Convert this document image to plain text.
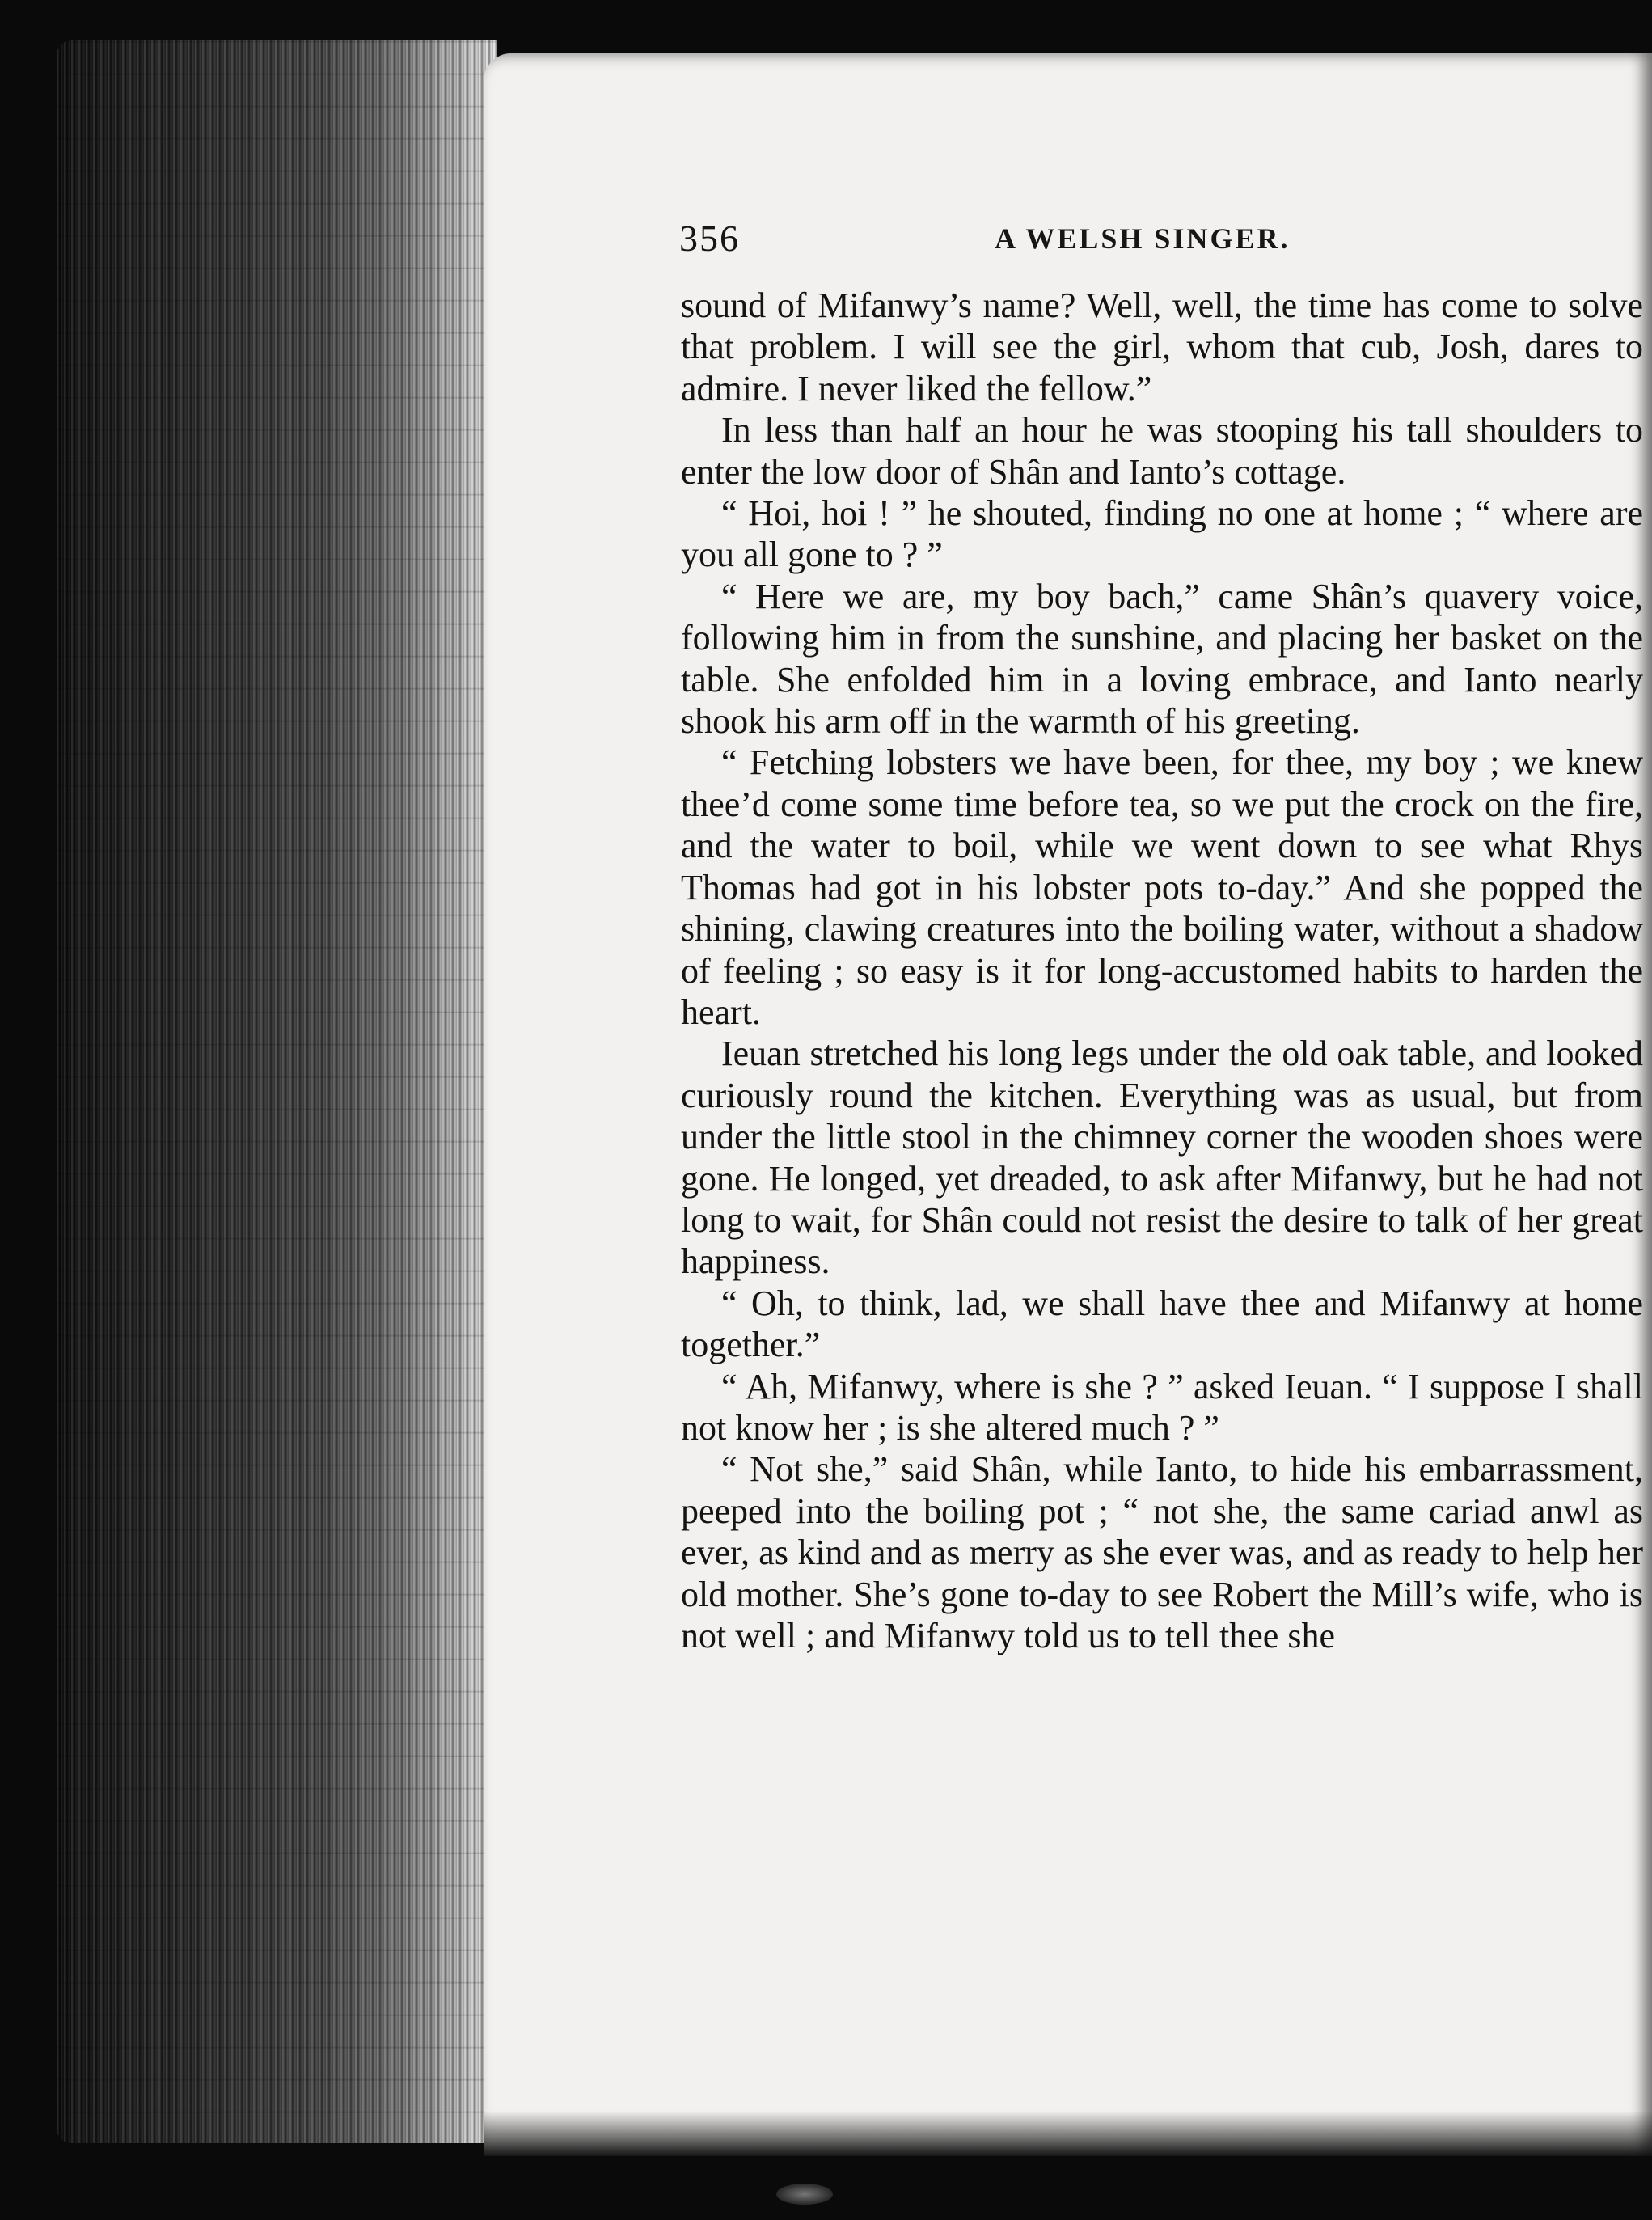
356	A WELSH SINGER.

sound of Mifanwy’s name? Well, well, the time has come to solve that problem. I will see the girl, whom that cub, Josh, dares to admire. I never liked the fellow.”

In less than half an hour he was stooping his tall shoulders to enter the low door of Shân and Ianto’s cottage.

“ Hoi, hoi ! ” he shouted, finding no one at home ; “ where are you all gone to ? ”

“ Here we are, my boy bach,” came Shân’s quavery voice, following him in from the sunshine, and placing her basket on the table. She enfolded him in a loving embrace, and Ianto nearly shook his arm off in the warmth of his greeting.

“ Fetching lobsters we have been, for thee, my boy ; we knew thee’d come some time before tea, so we put the crock on the fire, and the water to boil, while we went down to see what Rhys Thomas had got in his lobster pots to-day.” And she popped the shining, clawing creatures into the boiling water, without a shadow of feeling ; so easy is it for long-accustomed habits to harden the heart.

Ieuan stretched his long legs under the old oak table, and looked curiously round the kitchen. Everything was as usual, but from under the little stool in the chimney corner the wooden shoes were gone. He longed, yet dreaded, to ask after Mifanwy, but he had not long to wait, for Shân could not resist the desire to talk of her great happiness.

“ Oh, to think, lad, we shall have thee and Mifanwy at home together.”

“ Ah, Mifanwy, where is she ? ” asked Ieuan. “ I suppose I shall not know her ; is she altered much ? ”

“ Not she,” said Shân, while Ianto, to hide his embarrassment, peeped into the boiling pot ; “ not she, the same cariad anwl as ever, as kind and as merry as she ever was, and as ready to help her old mother. She’s gone to-day to see Robert the Mill’s wife, who is not well ; and Mifanwy told us to tell thee she
